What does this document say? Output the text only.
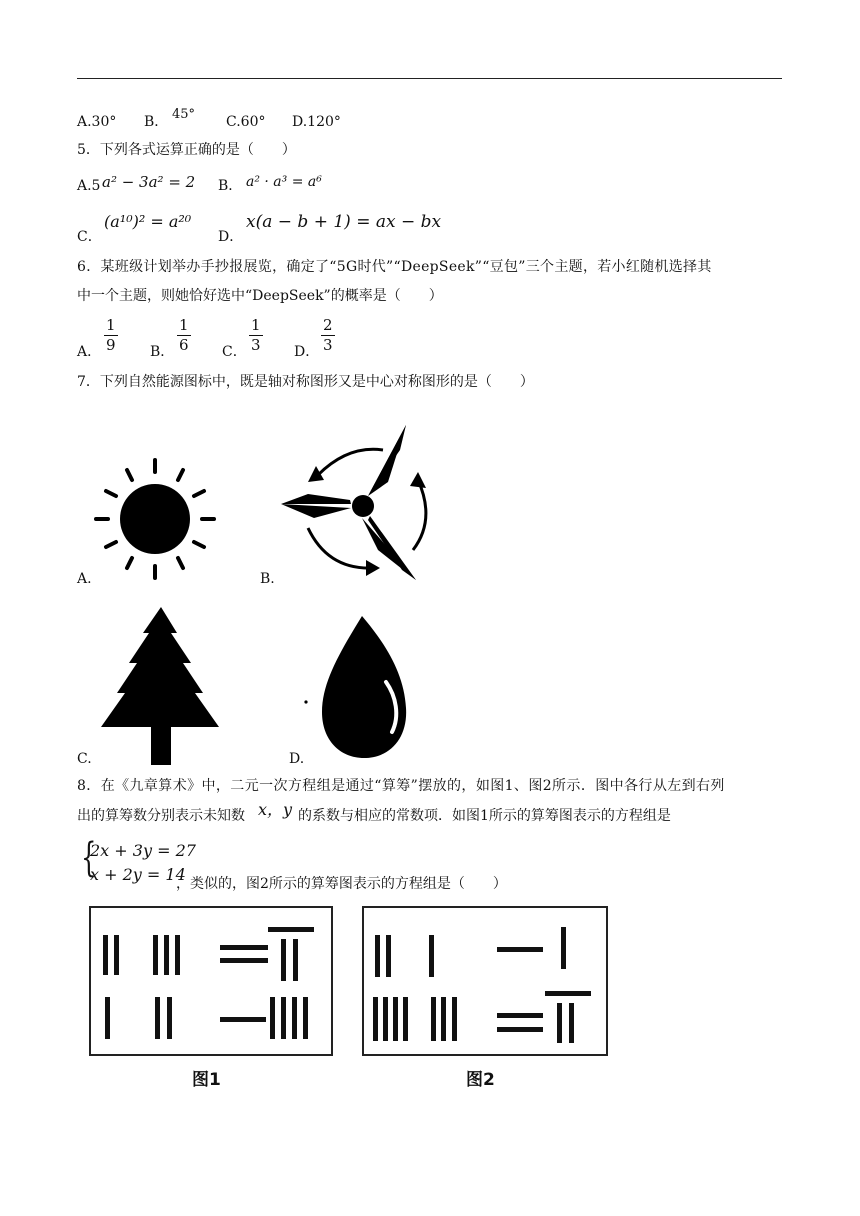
A.30° B． 45° C.60° D.120°
5．下列各式运算正确的是（　　）
A.5 a² − 3a² = 2 B． a² · a³ = a⁶
C．
(a¹⁰)² = a²⁰
D．
x(a − b + 1) = ax − bx
6．某班级计划举办手抄报展览，确定了“5G时代”“DeepSeek”“豆包”三个主题，若小红随机选择其
中一个主题，则她恰好选中“DeepSeek”的概率是（　　）
A．
1
9 B．
1
6 C．
1
3 D．
2
3
7．下列自然能源图标中，既是轴对称图形又是中心对称图形的是（　　）
A.	B.
C.	D.
8．在《九章算术》中，二元一次方程组是通过“算筹”摆放的，如图1、图2所示．图中各行从左到右列
出的算筹数分别表示未知数 x，y 的系数与相应的常数项．如图1所示的算筹图表示的方程组是
{
2x + 3y = 27
x + 2y = 14
，类似的，图2所示的算筹图表示的方程组是（　　）
图1	图2
